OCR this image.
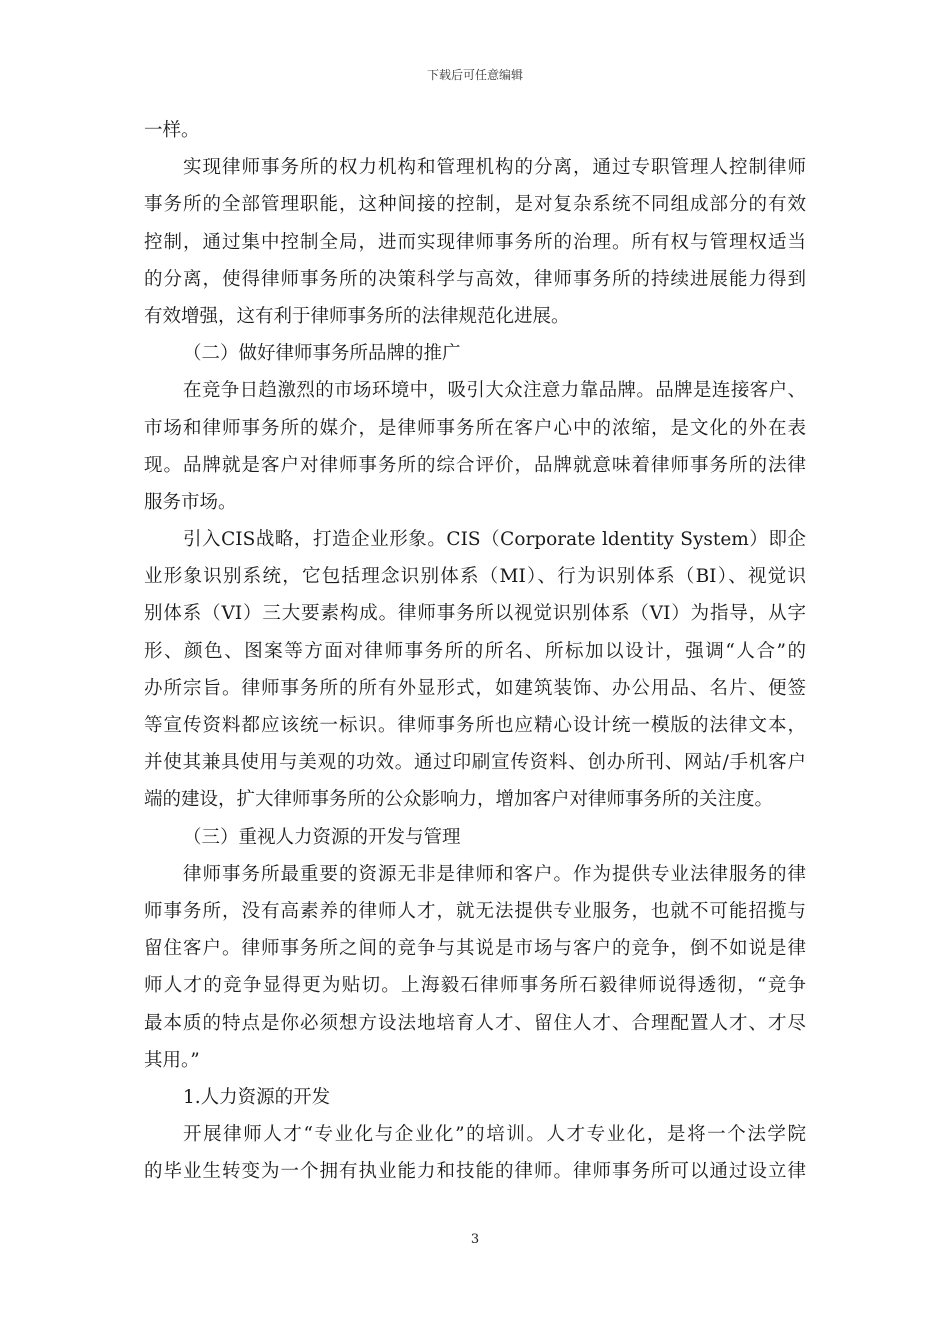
下载后可任意编辑
一样。
实现律师事务所的权力机构和管理机构的分离，通过专职管理人控制律师
事务所的全部管理职能，这种间接的控制，是对复杂系统不同组成部分的有效
控制，通过集中控制全局，进而实现律师事务所的治理。所有权与管理权适当
的分离，使得律师事务所的决策科学与高效，律师事务所的持续进展能力得到
有效增强，这有利于律师事务所的法律规范化进展。
（二）做好律师事务所品牌的推广
在竞争日趋激烈的市场环境中，吸引大众注意力靠品牌。品牌是连接客户、
市场和律师事务所的媒介，是律师事务所在客户心中的浓缩，是文化的外在表
现。品牌就是客户对律师事务所的综合评价，品牌就意味着律师事务所的法律
服务市场。
引入CIS战略，打造企业形象。CIS（Corporate ldentity System）即企
业形象识别系统，它包括理念识别体系（MI）、行为识别体系（BI）、视觉识
别体系（VI）三大要素构成。律师事务所以视觉识别体系（VI）为指导，从字
形、颜色、图案等方面对律师事务所的所名、所标加以设计，强调“人合”的
办所宗旨。律师事务所的所有外显形式，如建筑装饰、办公用品、名片、便签
等宣传资料都应该统一标识。律师事务所也应精心设计统一模版的法律文本，
并使其兼具使用与美观的功效。通过印刷宣传资料、创办所刊、网站/手机客户
端的建设，扩大律师事务所的公众影响力，增加客户对律师事务所的关注度。
（三）重视人力资源的开发与管理
律师事务所最重要的资源无非是律师和客户。作为提供专业法律服务的律
师事务所，没有高素养的律师人才，就无法提供专业服务，也就不可能招揽与
留住客户。律师事务所之间的竞争与其说是市场与客户的竞争，倒不如说是律
师人才的竞争显得更为贴切。上海毅石律师事务所石毅律师说得透彻，“竞争
最本质的特点是你必须想方设法地培育人才、留住人才、合理配置人才、才尽
其用。”
1.人力资源的开发
开展律师人才“专业化与企业化”的培训。人才专业化，是将一个法学院
的毕业生转变为一个拥有执业能力和技能的律师。律师事务所可以通过设立律
3
